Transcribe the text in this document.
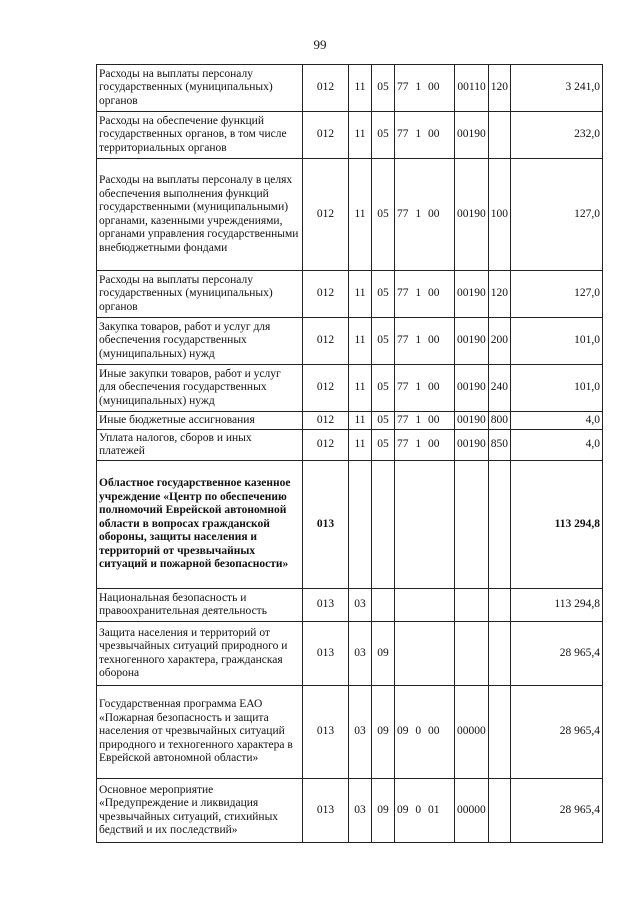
99
Расходы на выплаты персоналу государственных (муниципальных) органов	012	11	05	77 1 00	00110	120	3 241,0
Расходы на обеспечение функций государственных органов, в том числе территориальных органов	012	11	05	77 1 00	00190		232,0
Расходы на выплаты персоналу в целях обеспечения выполнения функций государственными (муниципальными) органами, казенными учреждениями, органами управления государственными внебюджетными фондами	012	11	05	77 1 00	00190	100	127,0
Расходы на выплаты персоналу государственных (муниципальных) органов	012	11	05	77 1 00	00190	120	127,0
Закупка товаров, работ и услуг для обеспечения государственных (муниципальных) нужд	012	11	05	77 1 00	00190	200	101,0
Иные закупки товаров, работ и услуг для обеспечения государственных (муниципальных) нужд	012	11	05	77 1 00	00190	240	101,0
Иные бюджетные ассигнования	012	11	05	77 1 00	00190	800	4,0
Уплата налогов, сборов и иных платежей	012	11	05	77 1 00	00190	850	4,0
Областное государственное казенное учреждение «Центр по обеспечению полномочий Еврейской автономной области в вопросах гражданской обороны, защиты населения и территорий от чрезвычайных ситуаций и пожарной безопасности»	013						113 294,8
Национальная безопасность и правоохранительная деятельность	013	03					113 294,8
Защита населения и территорий от чрезвычайных ситуаций природного и техногенного характера, гражданская оборона	013	03	09				28 965,4
Государственная программа ЕАО «Пожарная безопасность и защита населения от чрезвычайных ситуаций природного и техногенного характера в Еврейской автономной области»	013	03	09	09 0 00	00000		28 965,4
Основное мероприятие «Предупреждение и ликвидация чрезвычайных ситуаций, стихийных бедствий и их последствий»	013	03	09	09 0 01	00000		28 965,4
